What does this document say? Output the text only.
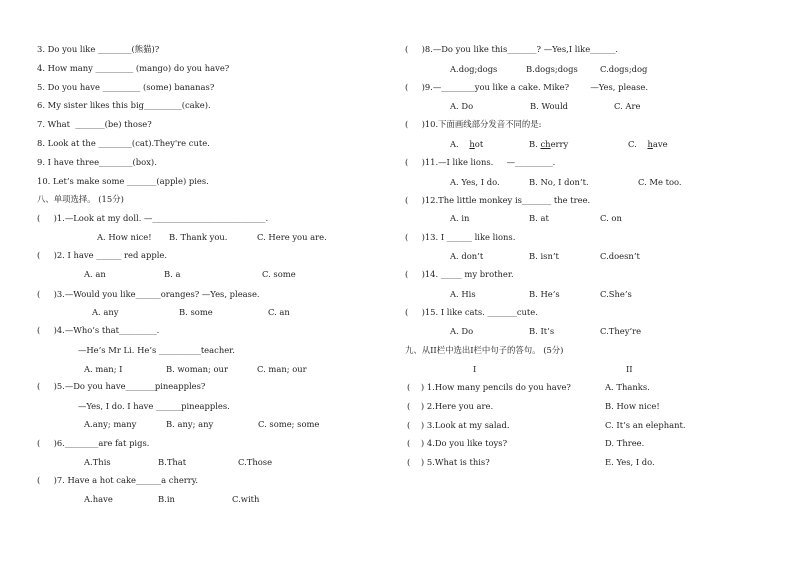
3. Do you like ________(熊猫)?
4. How many _________ (mango) do you have?
5. Do you have _________ (some) bananas?
6. My sister likes this big_________(cake).
7. What  _______(be) those?
8. Look at the ________(cat).They're cute.
9. I have three________(box).
10. Let’s make some _______(apple) pies.
八、单项选择。 (15分)
(     )1.—Look at my doll. —___________________________.
A. How nice! B. Thank you.	C. Here you are.
(     )2. I have ______ red apple.
A. an	B. a	C. some
(     )3.—Would you like______oranges? —Yes, please.
A. any	B. some	C. an
(     )4.—Who’s that_________.
—He’s Mr Li. He’s __________teacher.
A. man; I	B. woman; our	C. man; our
(     )5.—Do you have_______pineapples?
—Yes, I do. I have ______pineapples.
A.any; many	B. any; any	C. some; some
(     )6.________are fat pigs.
A.This	B.That	C.Those
(     )7. Have a hot cake______a cherry.
A.have	B.in	C.with
(     )8.—Do you like this_______? —Yes,I like______.
A.dog;dogs	B.dogs;dogs	C.dogs;dog
(     )9.—________you like a cake. Mike?        —Yes, please.
A. Do	B. Would	C. Are
(     )10.下面画线部分发音不同的是:
A. hot	B. cherry	C. have
(     )11.—I like lions.     —_________.
A. Yes, I do.	B. No, I don’t.	C. Me too.
(     )12.The little monkey is_______ the tree.
A. in	B. at	C. on
(     )13. I ______ like lions.
A. don’t	B. isn’t	C.doesn’t
(     )14. _____ my brother.
A. His	B. He’s	C.She’s
(     )15. I like cats. _______cute.
A. Do	B. It’s	C.They’re
九、从II栏中选出I栏中句子的答句。 (5分)
I	II
(    ) 1.How many pencils do you have?	A. Thanks.
(    ) 2.Here you are.	B. How nice!
(    ) 3.Look at my salad.	C. It’s an elephant.
(    ) 4.Do you like toys?	D. Three.
(    ) 5.What is this?	E. Yes, I do.
